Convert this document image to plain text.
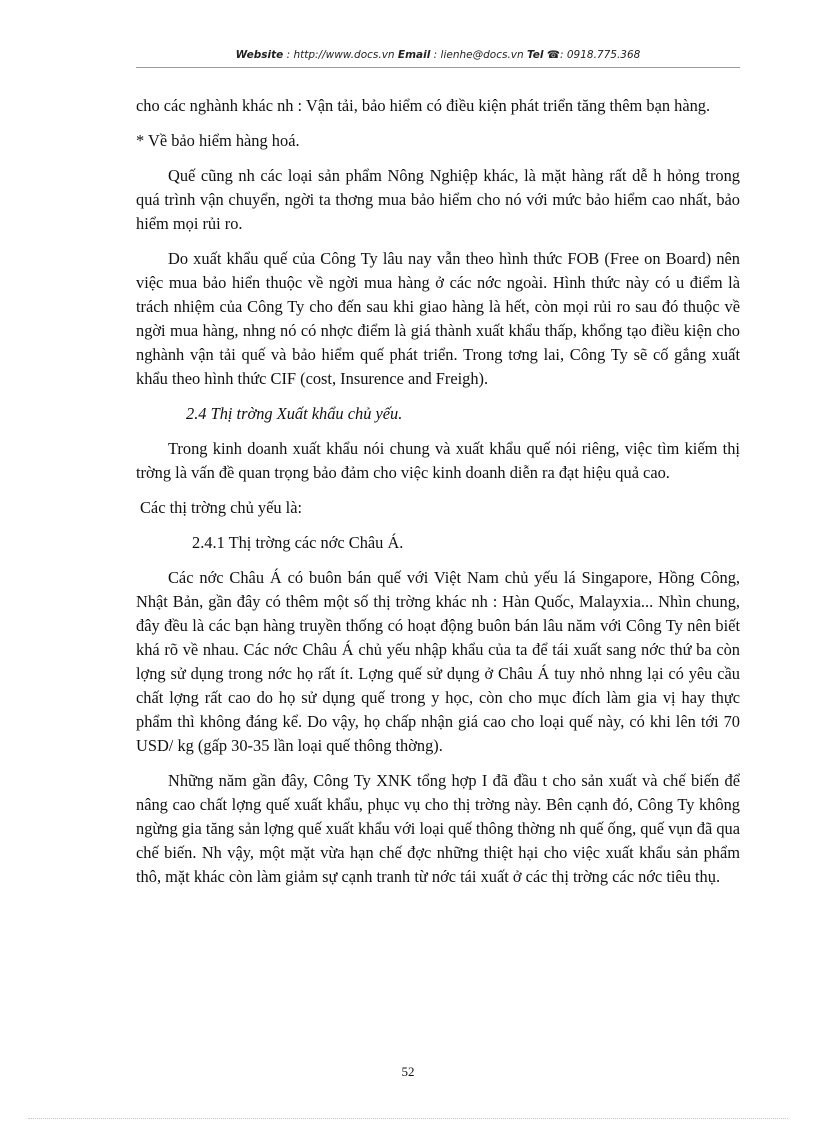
Website : http://www.docs.vn Email : lienhe@docs.vn Tel ☎: 0918.775.368

cho các nghành khác nh : Vận tải, bảo hiểm có điều kiện phát triển tăng thêm bạn hàng.

* Về bảo hiểm hàng hoá.

Quế cũng nh các loại sản phẩm Nông Nghiệp khác, là mặt hàng rất dễ h hỏng trong quá trình vận chuyển, ngời ta thơng mua bảo hiểm cho nó với mức bảo hiểm cao nhất, bảo hiểm mọi rủi ro.

Do xuất khẩu quế của Công Ty lâu nay vẫn theo hình thức FOB (Free on Board) nên việc mua bảo hiển thuộc về ngời mua hàng ở các nớc ngoài. Hình thức này có u điểm là trách nhiệm của Công Ty cho đến sau khi giao hàng là hết, còn mọi rủi ro sau đó thuộc về ngời mua hàng, nhng nó có nhợc điểm là giá thành xuất khẩu thấp, khổng tạo điều kiện cho nghành vận tải quế và bảo hiểm quế phát triển. Trong tơng lai, Công Ty sẽ cố gắng xuất khẩu theo hình thức CIF (cost, Insurence and Freigh).

2.4 Thị trờng Xuất khẩu chủ yếu.

Trong kinh doanh xuất khẩu nói chung và xuất khẩu quế nói riêng, việc tìm kiếm thị trờng là vấn đề quan trọng bảo đảm cho việc kinh doanh diễn ra đạt hiệu quả cao.

Các thị trờng chủ yếu là:

2.4.1 Thị trờng các nớc Châu Á.

Các nớc Châu Á có buôn bán quế với Việt Nam chủ yếu lá Singapore, Hồng Công, Nhật Bản, gần đây có thêm một số thị trờng khác nh : Hàn Quốc, Malayxia... Nhìn chung, đây đều là các bạn hàng truyền thống có hoạt động buôn bán lâu năm với Công Ty nên biết khá rõ về nhau. Các nớc Châu Á chủ yếu nhập khẩu của ta để tái xuất sang nớc thứ ba còn lợng sử dụng trong nớc họ rất ít. Lợng quế sử dụng ở Châu Á tuy nhỏ nhng lại có yêu cầu chất lợng rất cao do họ sử dụng quế trong y học, còn cho mục đích làm gia vị hay thực phẩm thì không đáng kể. Do vậy, họ chấp nhận giá cao cho loại quế này, có khi lên tới 70 USD/ kg (gấp 30-35 lần loại quế thông thờng).

Những năm gần đây, Công Ty XNK tổng hợp I đã đầu t cho sản xuất và chế biến để nâng cao chất lợng quế xuất khẩu, phục vụ cho thị trờng này. Bên cạnh đó, Công Ty không ngừng gia tăng sản lợng quế xuất khẩu với loại quế thông thờng nh quế ống, quế vụn đã qua chế biến. Nh vậy, một mặt vừa hạn chế đợc những thiệt hại cho việc xuất khẩu sản phẩm thô, mặt khác còn làm giảm sự cạnh tranh từ nớc tái xuất ở các thị trờng các nớc tiêu thụ.

52
